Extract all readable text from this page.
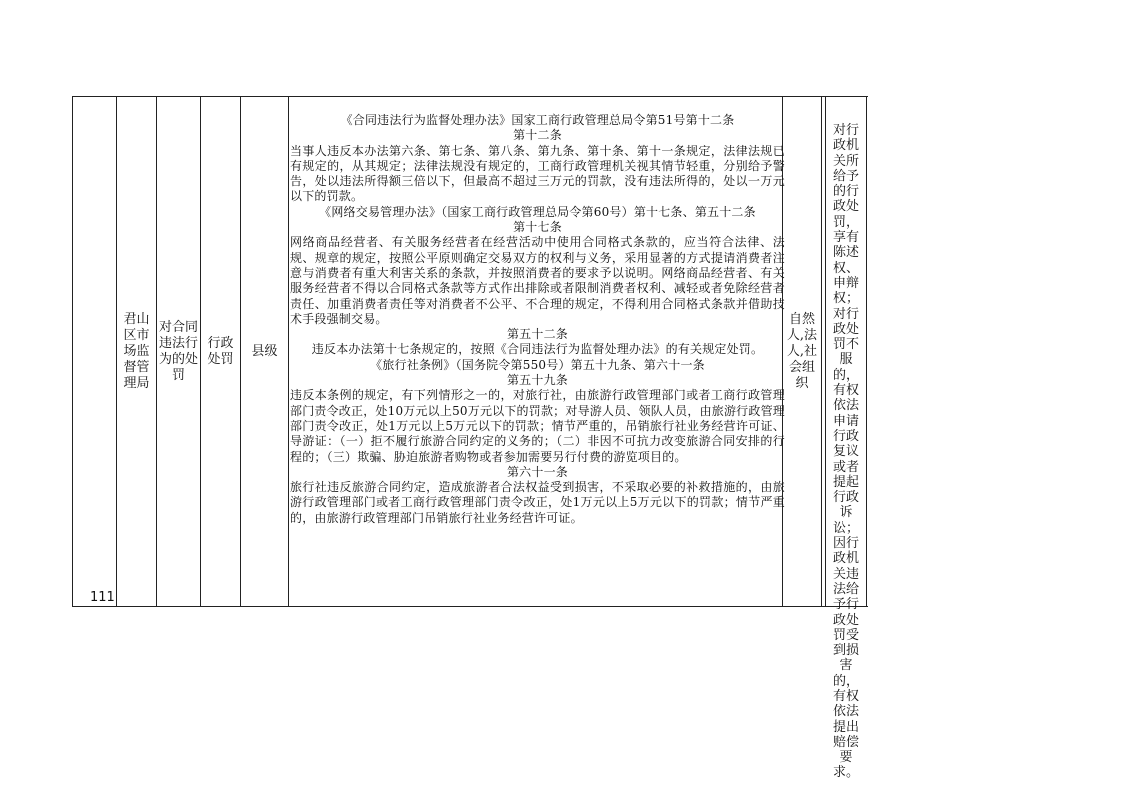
111
君山区市场监督管理局
对合同违法行为的处罚
行政处罚
县级
《合同违法行为监督处理办法》国家工商行政管理总局令第51号第十二条
第十二条
当事人违反本办法第六条、第七条、第八条、第九条、第十条、第十一条规定，法律法规已有规定的，从其规定；法律法规没有规定的，工商行政管理机关视其情节轻重，分别给予警告，处以违法所得额三倍以下，但最高不超过三万元的罚款，没有违法所得的，处以一万元以下的罚款。
《网络交易管理办法》（国家工商行政管理总局令第60号）第十七条、第五十二条
第十七条
网络商品经营者、有关服务经营者在经营活动中使用合同格式条款的，应当符合法律、法规、规章的规定，按照公平原则确定交易双方的权利与义务，采用显著的方式提请消费者注意与消费者有重大利害关系的条款，并按照消费者的要求予以说明。网络商品经营者、有关服务经营者不得以合同格式条款等方式作出排除或者限制消费者权利、减轻或者免除经营者责任、加重消费者责任等对消费者不公平、不合理的规定，不得利用合同格式条款并借助技术手段强制交易。
第五十二条
违反本办法第十七条规定的，按照《合同违法行为监督处理办法》的有关规定处罚。
《旅行社条例》（国务院令第550号）第五十九条、第六十一条
第五十九条
违反本条例的规定，有下列情形之一的，对旅行社，由旅游行政管理部门或者工商行政管理部门责令改正，处10万元以上50万元以下的罚款；对导游人员、领队人员，由旅游行政管理部门责令改正，处1万元以上5万元以下的罚款；情节严重的，吊销旅行社业务经营许可证、导游证：（一）拒不履行旅游合同约定的义务的；（二）非因不可抗力改变旅游合同安排的行程的；（三）欺骗、胁迫旅游者购物或者参加需要另行付费的游览项目的。
第六十一条
旅行社违反旅游合同约定，造成旅游者合法权益受到损害，不采取必要的补救措施的，由旅游行政管理部门或者工商行政管理部门责令改正，处1万元以上5万元以下的罚款；情节严重的，由旅游行政管理部门吊销旅行社业务经营许可证。
自然人,法人,社会组织
对行政机关所给予的行政处罚，享有陈述权、申辩权；对行政处罚不服的，有权依法申请行政复议或者提起行政诉讼；因行政机关违法给予行政处罚受到损害的，有权依法提出赔偿要求。
